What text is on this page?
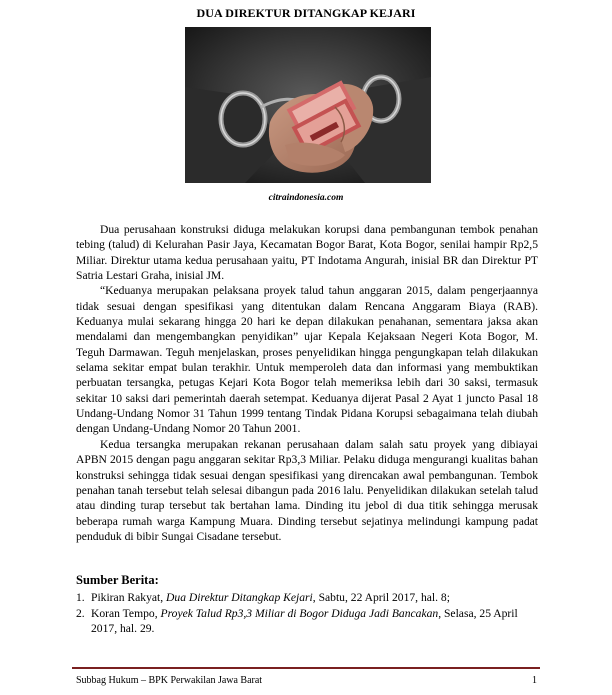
DUA DIREKTUR DITANGKAP KEJARI
citraindonesia.com

Dua perusahaan konstruksi diduga melakukan korupsi dana pembangunan tembok penahan tebing (talud) di Kelurahan Pasir Jaya, Kecamatan Bogor Barat, Kota Bogor, senilai hampir Rp2,5 Miliar. Direktur utama kedua perusahaan yaitu, PT Indotama Angurah, inisial BR dan Direktur PT Satria Lestari Graha, inisial JM.

“Keduanya merupakan pelaksana proyek talud tahun anggaran 2015, dalam pengerjaannya tidak sesuai dengan spesifikasi yang ditentukan dalam Rencana Anggaram Biaya (RAB). Keduanya mulai sekarang hingga 20 hari ke depan dilakukan penahanan, sementara jaksa akan mendalami dan mengembangkan penyidikan” ujar Kepala Kejaksaan Negeri Kota Bogor, M. Teguh Darmawan. Teguh menjelaskan, proses penyelidikan hingga pengungkapan telah dilakukan selama sekitar empat bulan terakhir. Untuk memperoleh data dan informasi yang membuktikan perbuatan tersangka, petugas Kejari Kota Bogor telah memeriksa lebih dari 30 saksi, termasuk sekitar 10 saksi dari pemerintah daerah setempat. Keduanya dijerat Pasal 2 Ayat 1 juncto Pasal 18 Undang-Undang Nomor 31 Tahun 1999 tentang Tindak Pidana Korupsi sebagaimana telah diubah dengan Undang-Undang Nomor 20 Tahun 2001.

Kedua tersangka merupakan rekanan perusahaan dalam salah satu proyek yang dibiayai APBN 2015 dengan pagu anggaran sekitar Rp3,3 Miliar. Pelaku diduga mengurangi kualitas bahan konstruksi sehingga tidak sesuai dengan spesifikasi yang direncakan awal pembangunan. Tembok penahan tanah tersebut telah selesai dibangun pada 2016 lalu. Penyelidikan dilakukan setelah talud atau dinding turap tersebut tak bertahan lama. Dinding itu jebol di dua titik sehingga merusak beberapa rumah warga Kampung Muara. Dinding tersebut sejatinya melindungi kampung padat penduduk di bibir Sungai Cisadane tersebut.

Sumber Berita:
1. Pikiran Rakyat, Dua Direktur Ditangkap Kejari, Sabtu, 22 April 2017, hal. 8;
2. Koran Tempo, Proyek Talud Rp3,3 Miliar di Bogor Diduga Jadi Bancakan, Selasa, 25 April 2017, hal. 29.
Subbag Hukum – BPK Perwakilan Jawa Barat	1
